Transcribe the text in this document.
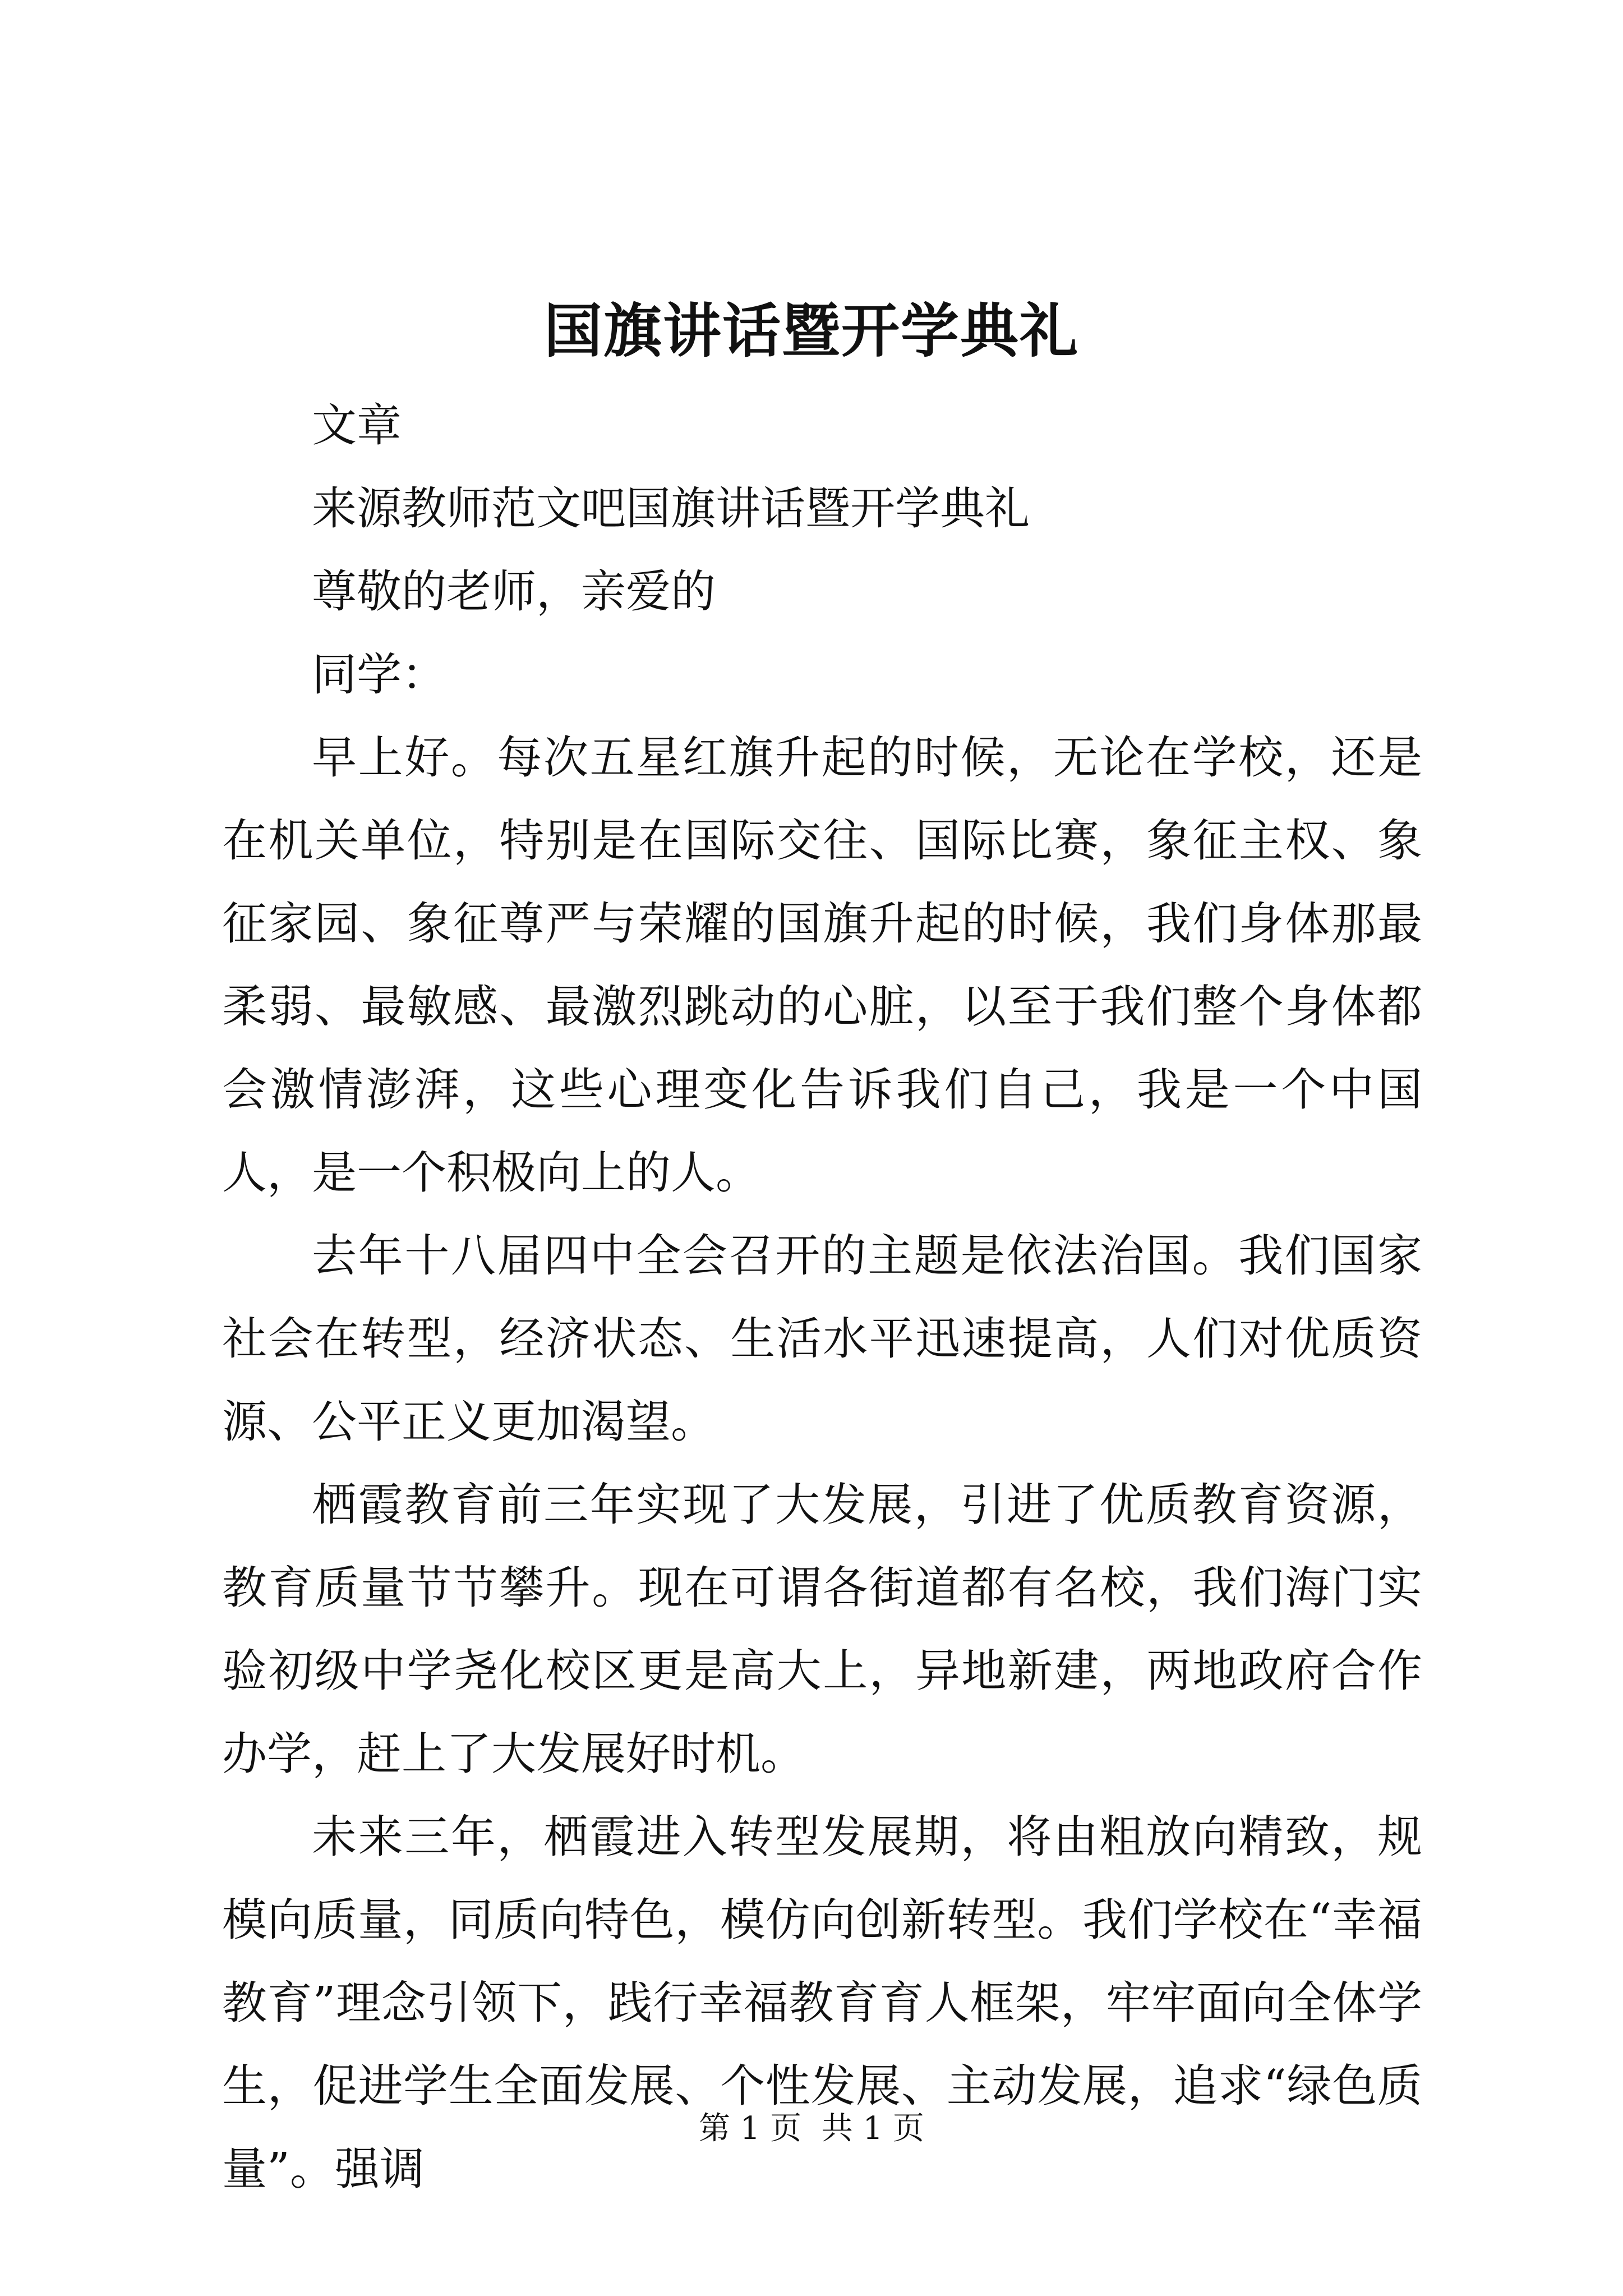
国旗讲话暨开学典礼

文章

来源教师范文吧国旗讲话暨开学典礼

尊敬的老师，亲爱的

同学：

早上好。每次五星红旗升起的时候，无论在学校，还是在机关单位，特别是在国际交往、国际比赛，象征主权、象征家园、象征尊严与荣耀的国旗升起的时候，我们身体那最柔弱、最敏感、最激烈跳动的心脏，以至于我们整个身体都会激情澎湃，这些心理变化告诉我们自己，我是一个中国人，是一个积极向上的人。

去年十八届四中全会召开的主题是依法治国。我们国家社会在转型，经济状态、生活水平迅速提高，人们对优质资源、公平正义更加渴望。

栖霞教育前三年实现了大发展，引进了优质教育资源，教育质量节节攀升。现在可谓各街道都有名校，我们海门实验初级中学尧化校区更是高大上，异地新建，两地政府合作办学，赶上了大发展好时机。

未来三年，栖霞进入转型发展期，将由粗放向精致，规模向质量，同质向特色，模仿向创新转型。我们学校在“幸福教育”理念引领下，践行幸福教育育人框架，牢牢面向全体学生，促进学生全面发展、个性发展、主动发展，追求“绿色质量”。强调

第 1 页  共 1 页
